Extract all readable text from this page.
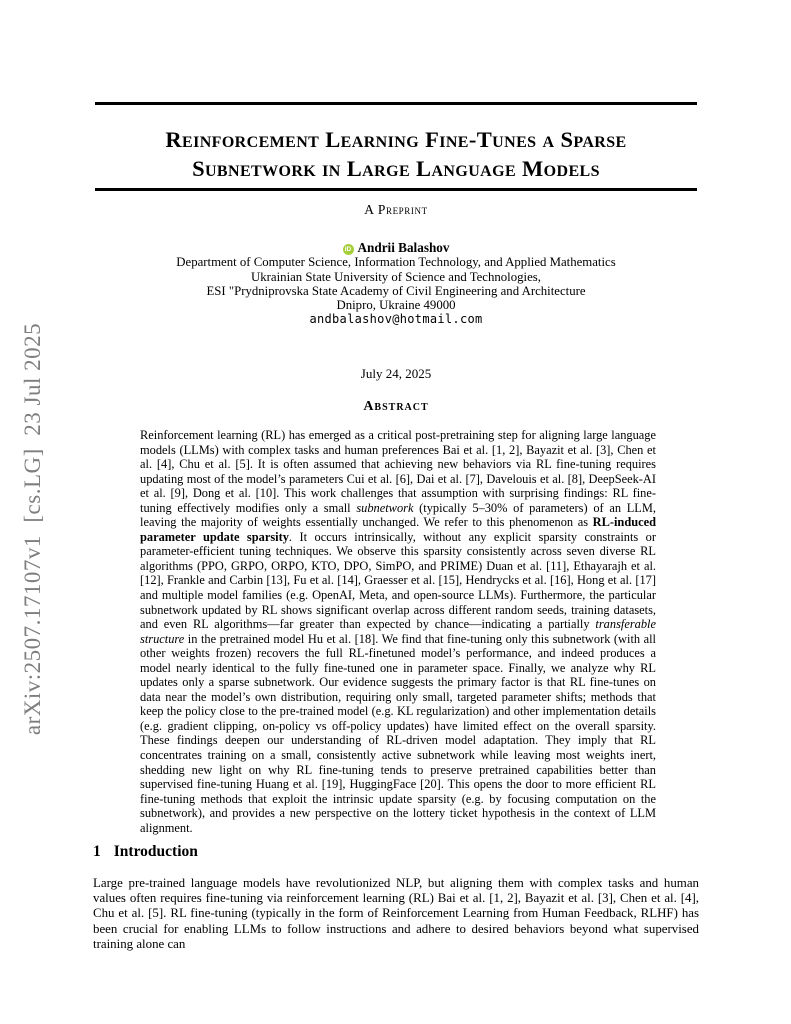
arXiv:2507.17107v1  [cs.LG]  23 Jul 2025
Reinforcement Learning Fine-Tunes a Sparse
Subnetwork in Large Language Models
A Preprint
iD Andrii Balashov
Department of Computer Science, Information Technology, and Applied Mathematics
Ukrainian State University of Science and Technologies,
ESI "Prydniprovska State Academy of Civil Engineering and Architecture
Dnipro, Ukraine 49000
andbalashov@hotmail.com
July 24, 2025
Abstract
Reinforcement learning (RL) has emerged as a critical post-pretraining step for aligning large language models (LLMs) with complex tasks and human preferences Bai et al. [1, 2], Bayazit et al. [3], Chen et al. [4], Chu et al. [5]. It is often assumed that achieving new behaviors via RL fine-tuning requires updating most of the model’s parameters Cui et al. [6], Dai et al. [7], Davelouis et al. [8], DeepSeek-AI et al. [9], Dong et al. [10]. This work challenges that assumption with surprising findings: RL fine-tuning effectively modifies only a small subnetwork (typically 5–30% of parameters) of an LLM, leaving the majority of weights essentially unchanged. We refer to this phenomenon as RL-induced parameter update sparsity. It occurs intrinsically, without any explicit sparsity constraints or parameter-efficient tuning techniques. We observe this sparsity consistently across seven diverse RL algorithms (PPO, GRPO, ORPO, KTO, DPO, SimPO, and PRIME) Duan et al. [11], Ethayarajh et al. [12], Frankle and Carbin [13], Fu et al. [14], Graesser et al. [15], Hendrycks et al. [16], Hong et al. [17] and multiple model families (e.g. OpenAI, Meta, and open-source LLMs). Furthermore, the particular subnetwork updated by RL shows significant overlap across different random seeds, training datasets, and even RL algorithms—far greater than expected by chance—indicating a partially transferable structure in the pretrained model Hu et al. [18]. We find that fine-tuning only this subnetwork (with all other weights frozen) recovers the full RL-finetuned model’s performance, and indeed produces a model nearly identical to the fully fine-tuned one in parameter space. Finally, we analyze why RL updates only a sparse subnetwork. Our evidence suggests the primary factor is that RL fine-tunes on data near the model’s own distribution, requiring only small, targeted parameter shifts; methods that keep the policy close to the pre-trained model (e.g. KL regularization) and other implementation details (e.g. gradient clipping, on-policy vs off-policy updates) have limited effect on the overall sparsity. These findings deepen our understanding of RL-driven model adaptation. They imply that RL concentrates training on a small, consistently active subnetwork while leaving most weights inert, shedding new light on why RL fine-tuning tends to preserve pretrained capabilities better than supervised fine-tuning Huang et al. [19], HuggingFace [20]. This opens the door to more efficient RL fine-tuning methods that exploit the intrinsic update sparsity (e.g. by focusing computation on the subnetwork), and provides a new perspective on the lottery ticket hypothesis in the context of LLM alignment.
1 Introduction
Large pre-trained language models have revolutionized NLP, but aligning them with complex tasks and human values often requires fine-tuning via reinforcement learning (RL) Bai et al. [1, 2], Bayazit et al. [3], Chen et al. [4], Chu et al. [5]. RL fine-tuning (typically in the form of Reinforcement Learning from Human Feedback, RLHF) has been crucial for enabling LLMs to follow instructions and adhere to desired behaviors beyond what supervised training alone can
